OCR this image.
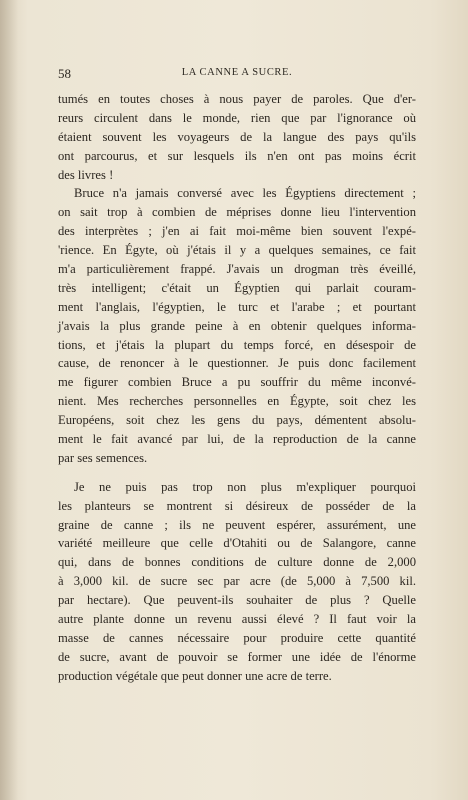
58	LA CANNE A SUCRE.
tumés en toutes choses à nous payer de paroles. Que d'er-
reurs circulent dans le monde, rien que par l'ignorance où
étaient souvent les voyageurs de la langue des pays qu'ils
ont parcourus, et sur lesquels ils n'en ont pas moins écrit
des livres !
Bruce n'a jamais conversé avec les Égyptiens directement ;
on sait trop à combien de méprises donne lieu l'intervention
des interprètes ; j'en ai fait moi-même bien souvent l'expé-
'rience. En Égyte, où j'étais il y a quelques semaines, ce fait
m'a particulièrement frappé. J'avais un drogman très éveillé,
très intelligent; c'était un Égyptien qui parlait couram-
ment l'anglais, l'égyptien, le turc et l'arabe ; et pourtant
j'avais la plus grande peine à en obtenir quelques informa-
tions, et j'étais la plupart du temps forcé, en désespoir de
cause, de renoncer à le questionner. Je puis donc facilement
me figurer combien Bruce a pu souffrir du même inconvé-
nient. Mes recherches personnelles en Égypte, soit chez les
Européens, soit chez les gens du pays, démentent absolu-
ment le fait avancé par lui, de la reproduction de la canne
par ses semences.
Je ne puis pas trop non plus m'expliquer pourquoi
les planteurs se montrent si désireux de posséder de la
graine de canne ; ils ne peuvent espérer, assurément, une
variété meilleure que celle d'Otahiti ou de Salangore, canne
qui, dans de bonnes conditions de culture donne de 2,000
à 3,000 kil. de sucre sec par acre (de 5,000 à 7,500 kil.
par hectare). Que peuvent-ils souhaiter de plus ? Quelle
autre plante donne un revenu aussi élevé ? Il faut voir la
masse de cannes nécessaire pour produire cette quantité
de sucre, avant de pouvoir se former une idée de l'énorme
production végétale que peut donner une acre de terre.
